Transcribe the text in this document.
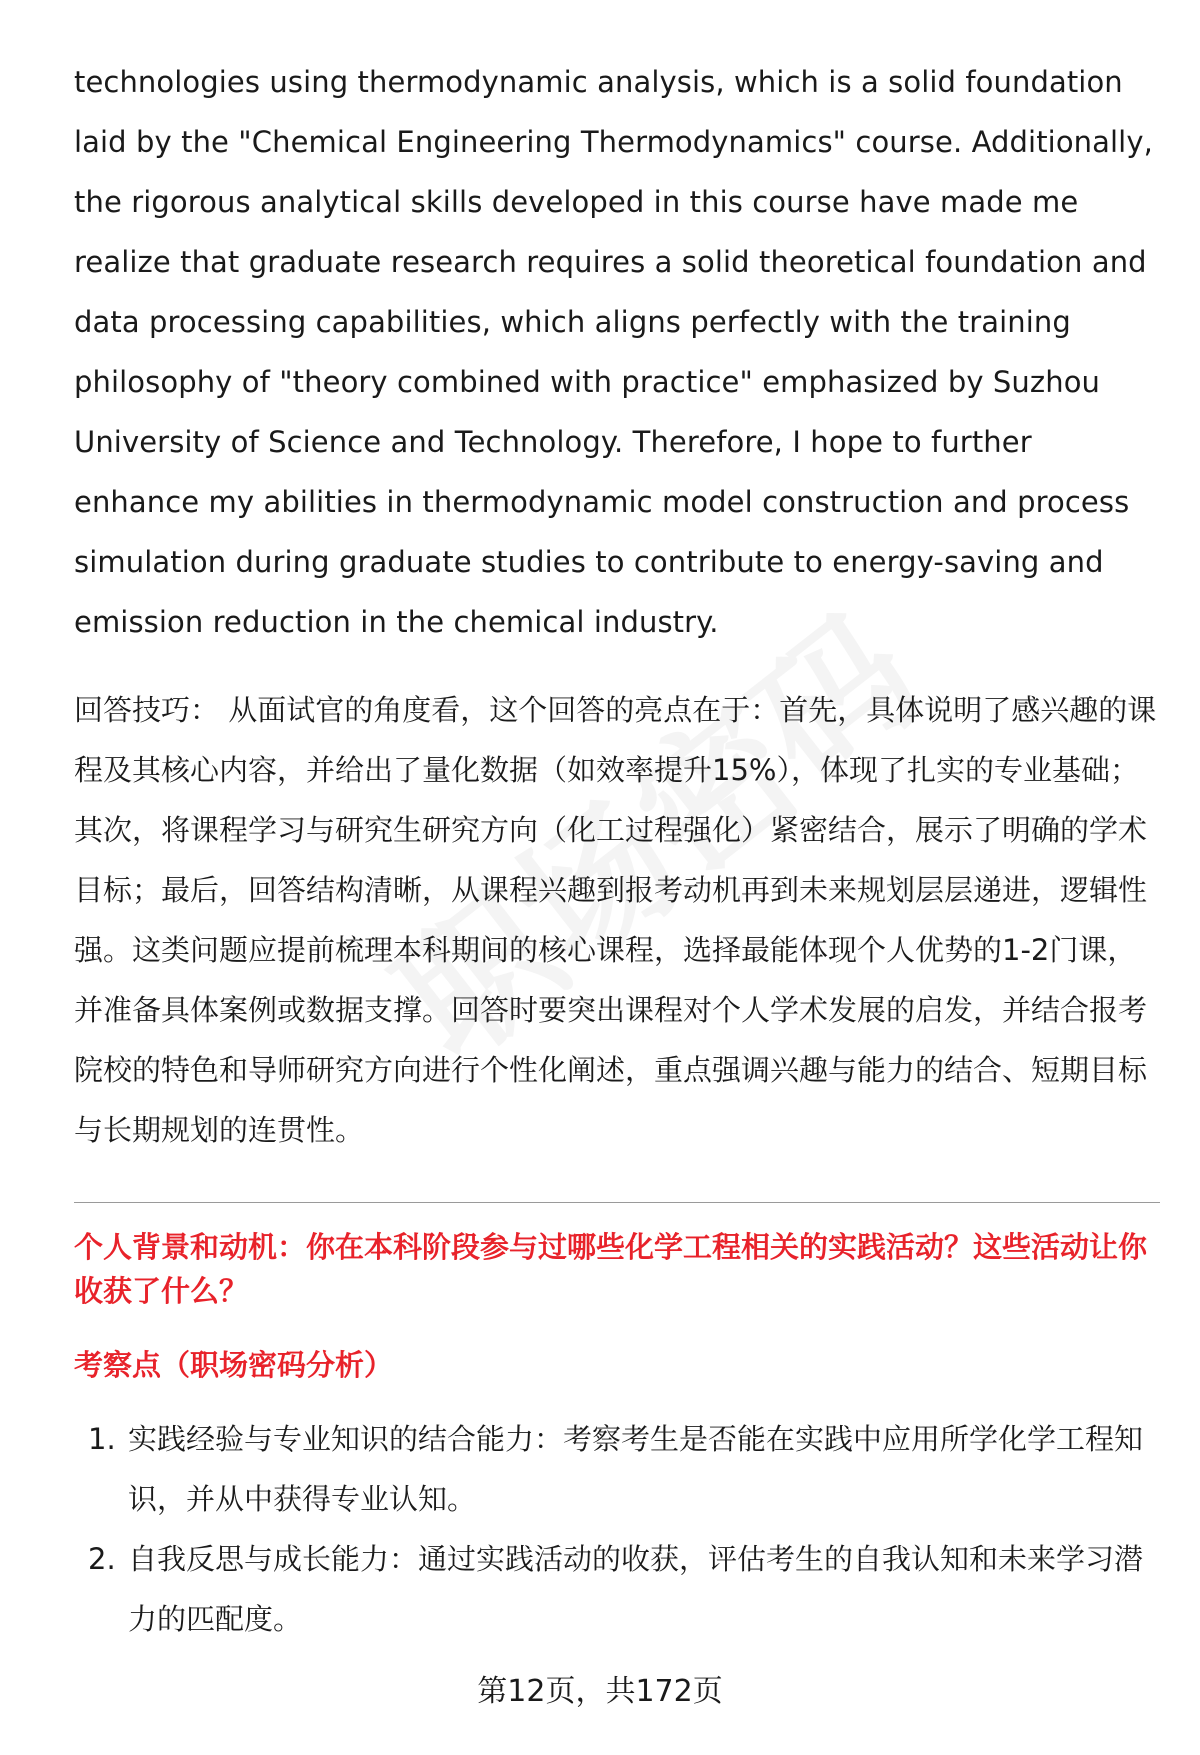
technologies using thermodynamic analysis, which is a solid foundation laid by the "Chemical Engineering Thermodynamics" course. Additionally, the rigorous analytical skills developed in this course have made me realize that graduate research requires a solid theoretical foundation and data processing capabilities, which aligns perfectly with the training philosophy of "theory combined with practice" emphasized by Suzhou University of Science and Technology. Therefore, I hope to further enhance my abilities in thermodynamic model construction and process simulation during graduate studies to contribute to energy-saving and emission reduction in the chemical industry.

回答技巧： 从面试官的角度看，这个回答的亮点在于：首先，具体说明了感兴趣的课程及其核心内容，并给出了量化数据（如效率提升15%），体现了扎实的专业基础；其次，将课程学习与研究生研究方向（化工过程强化）紧密结合，展示了明确的学术目标；最后，回答结构清晰，从课程兴趣到报考动机再到未来规划层层递进，逻辑性强。这类问题应提前梳理本科期间的核心课程，选择最能体现个人优势的1-2门课，并准备具体案例或数据支撑。回答时要突出课程对个人学术发展的启发，并结合报考院校的特色和导师研究方向进行个性化阐述，重点强调兴趣与能力的结合、短期目标与长期规划的连贯性。

个人背景和动机：你在本科阶段参与过哪些化学工程相关的实践活动？这些活动让你收获了什么？

考察点（职场密码分析）

1. 实践经验与专业知识的结合能力：考察考生是否能在实践中应用所学化学工程知识，并从中获得专业认知。
2. 自我反思与成长能力：通过实践活动的收获，评估考生的自我认知和未来学习潜力的匹配度。
第12页，共172页
